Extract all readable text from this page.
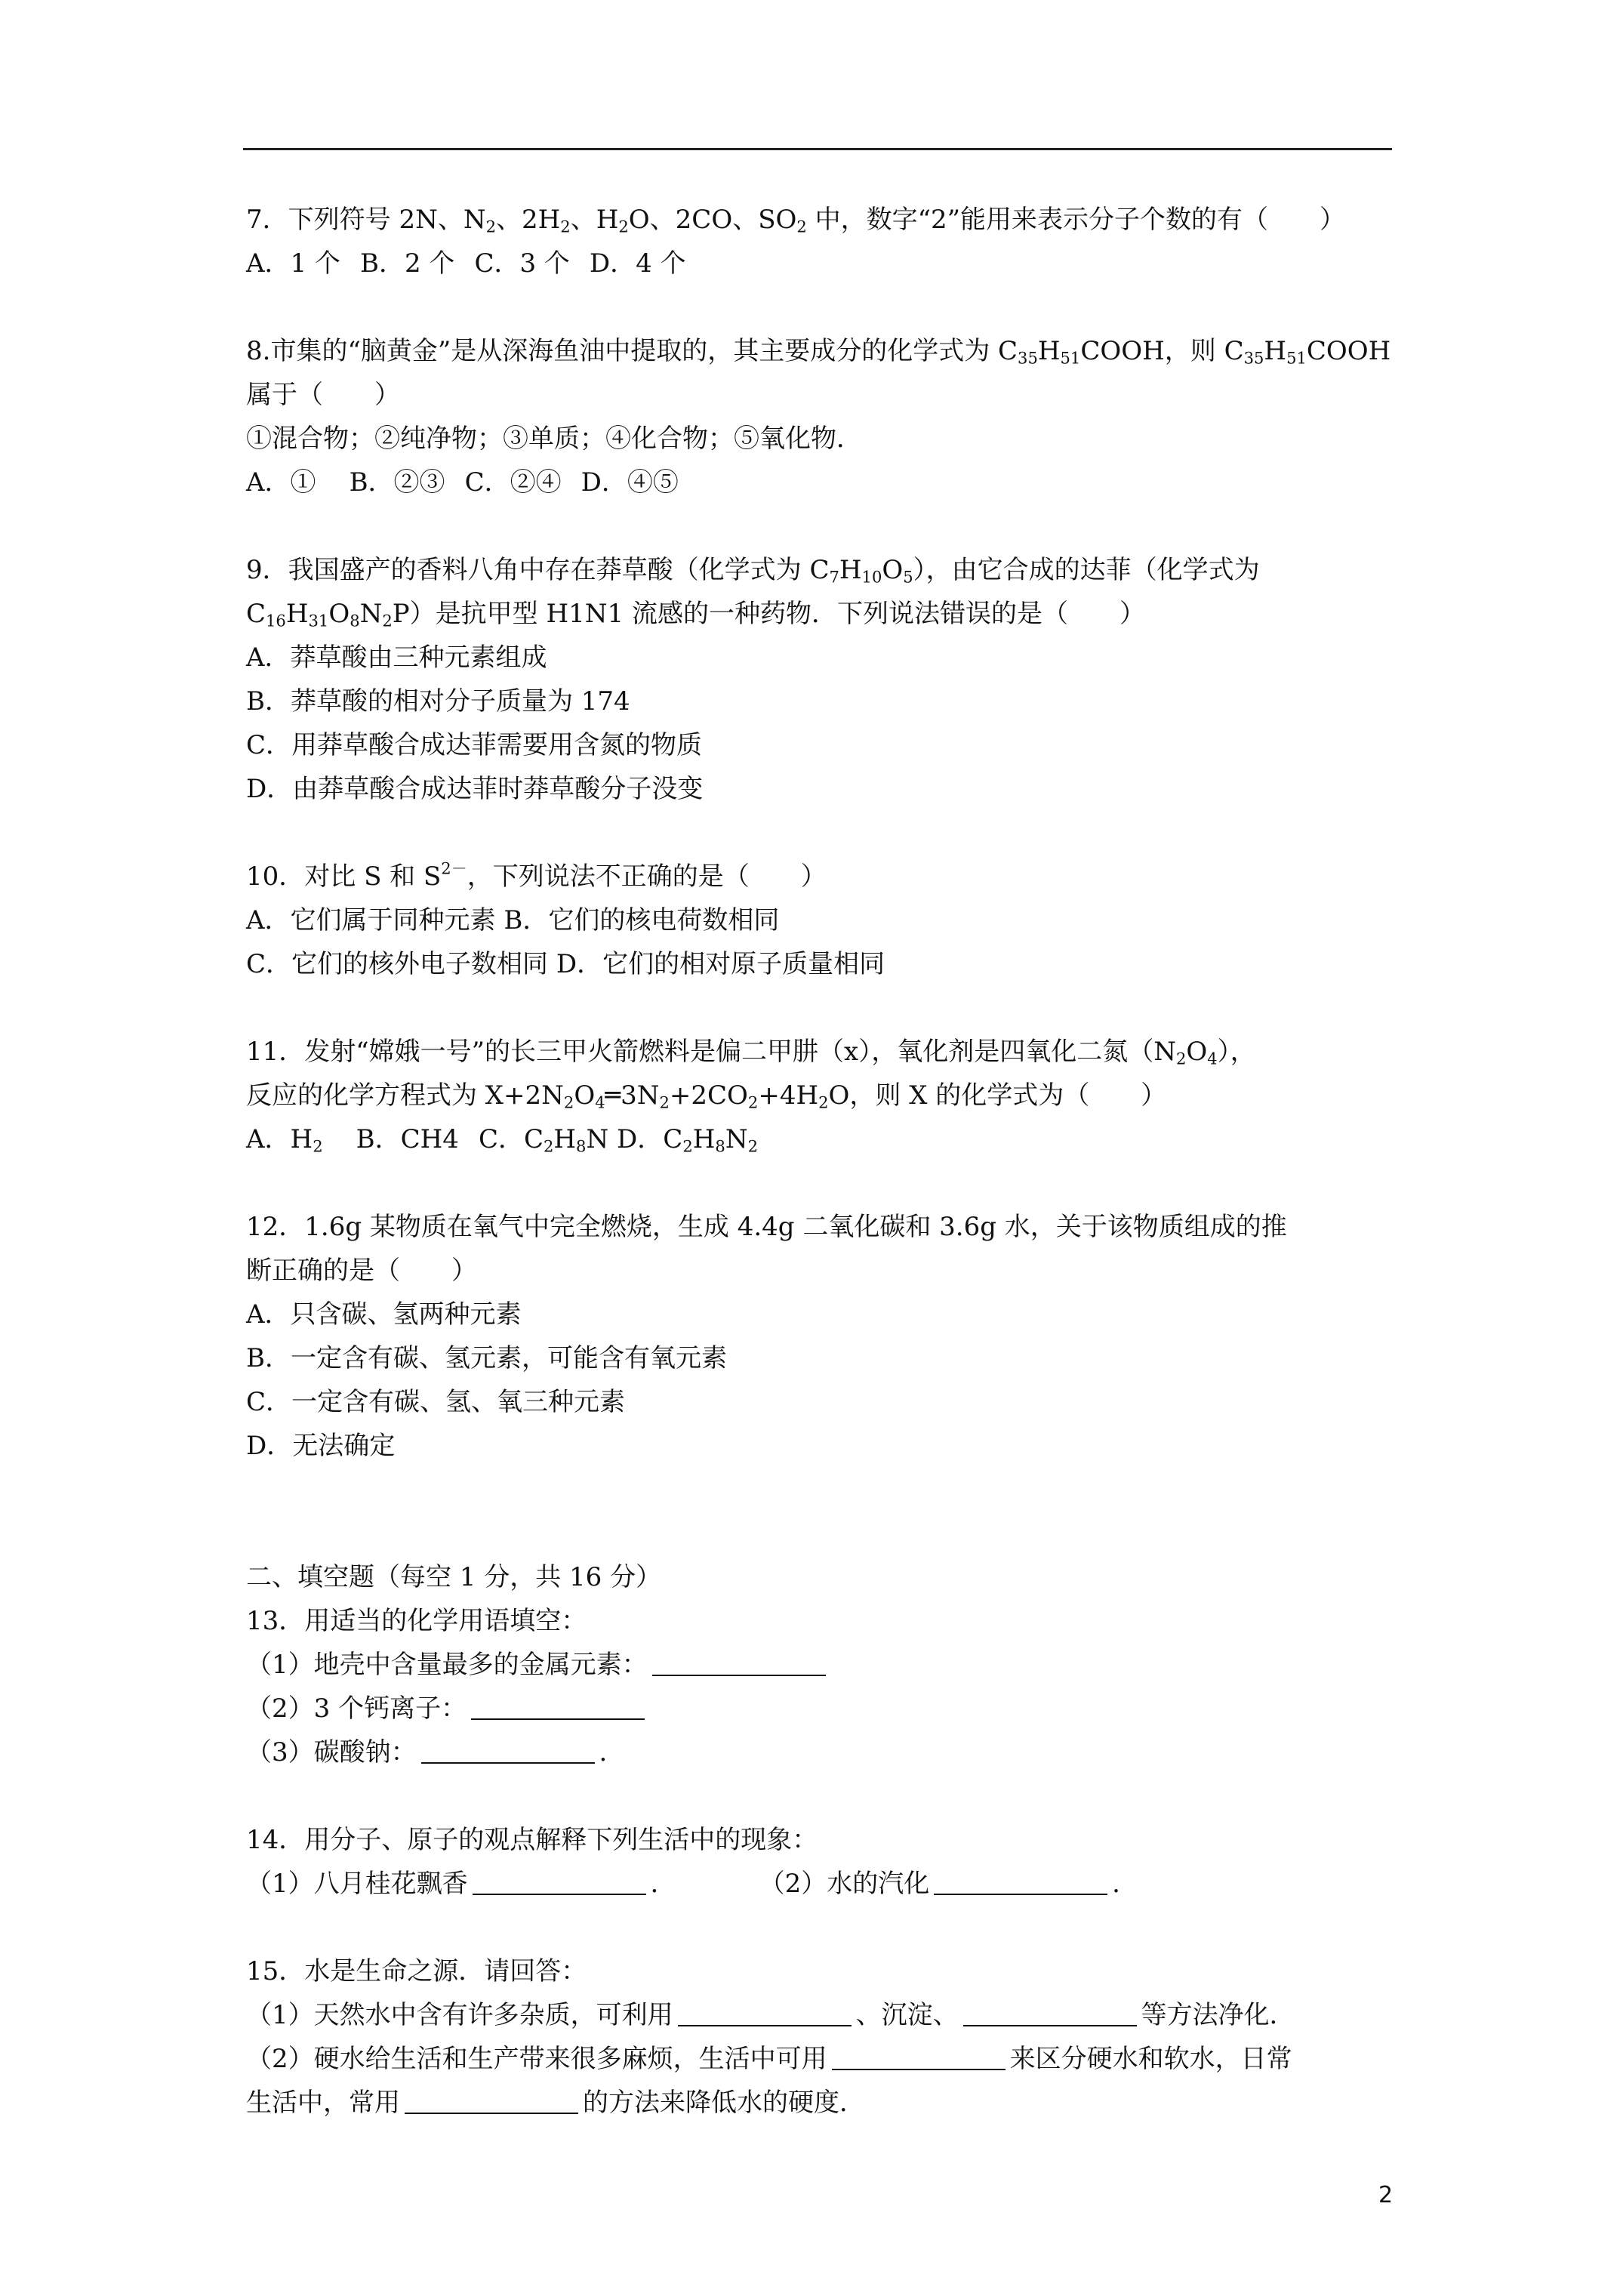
7．下列符号 2N、$N_2$、$2H_2$、$H_2O$、2CO、$SO_2$ 中，数字“2”能用来表示分子个数的有（　　）
A．1 个 B．2 个 C．3 个 D．4 个
8.市集的“脑黄金”是从深海鱼油中提取的，其主要成分的化学式为 $C_{35}H_{51}COOH$，则 $C_{35}H_{51}COOH$
属于（　　）
①混合物；②纯净物；③单质；④化合物；⑤氧化物．
A．① B．②③ C．②④ D．④⑤
9．我国盛产的香料八角中存在莽草酸（化学式为 $C_7H_{10}O_5$），由它合成的达菲（化学式为
$C_{16}H_{31}O_8N_2P$）是抗甲型 H1N1 流感的一种药物．下列说法错误的是（　　）
A．莽草酸由三种元素组成
B．莽草酸的相对分子质量为 174
C．用莽草酸合成达菲需要用含氮的物质
D．由莽草酸合成达菲时莽草酸分子没变
10．对比 S 和 $S^{2-}$，下列说法不正确的是（　　）
A．它们属于同种元素 B．它们的核电荷数相同
C．它们的核外电子数相同 D．它们的相对原子质量相同
11．发射“嫦娥一号”的长三甲火箭燃料是偏二甲肼（x），氧化剂是四氧化二氮$(N_2O_4)$，
反应的化学方程式为 $X+2N_2O_4═3N_2+2CO_2+4H_2O$，则 X 的化学式为（　　）
A．$H_2$ B．CH4 C．$C_2H_8N$ D．$C_2H_8N_2$
12．1.6g 某物质在氧气中完全燃烧，生成 4.4g 二氧化碳和 3.6g 水，关于该物质组成的推
断正确的是（　　）
A．只含碳、氢两种元素
B．一定含有碳、氢元素，可能含有氧元素
C．一定含有碳、氢、氧三种元素
D．无法确定
二、填空题（每空 1 分，共 16 分）
13．用适当的化学用语填空：
（1）地壳中含量最多的金属元素：
（2）3 个钙离子：
（3）碳酸钠：	．
14．用分子、原子的观点解释下列生活中的现象：
（1）八月桂花飘香	．	（2）水的汽化	．
15．水是生命之源．请回答：
（1）天然水中含有许多杂质，可利用	、沉淀、	等方法净化．
（2）硬水给生活和生产带来很多麻烦，生活中可用	来区分硬水和软水，日常
生活中，常用	的方法来降低水的硬度．
2
